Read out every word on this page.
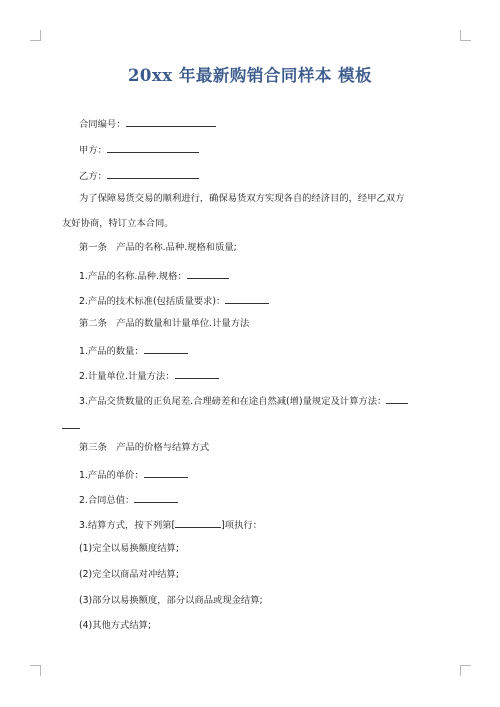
20xx 年最新购销合同样本 模板
合同编号：
甲方：
乙方：
为了保障易货交易的顺利进行，确保易货双方实现各自的经济目的，经甲乙双方
友好协商，特订立本合同。
第一条　产品的名称.品种.规格和质量;
1.产品的名称.品种.规格：
2.产品的技术标准(包括质量要求)：
第二条　产品的数量和计量单位.计量方法
1.产品的数量：
2.计量单位.计量方法：
3.产品交货数量的正负尾差.合理磅差和在途自然减(增)量规定及计算方法：
第三条　产品的价格与结算方式
1.产品的单价：
2.合同总值：
3.结算方式，按下列第[	]项执行：
(1)完全以易换额度结算;
(2)完全以商品对冲结算;
(3)部分以易换额度，部分以商品或现金结算;
(4)其他方式结算;
